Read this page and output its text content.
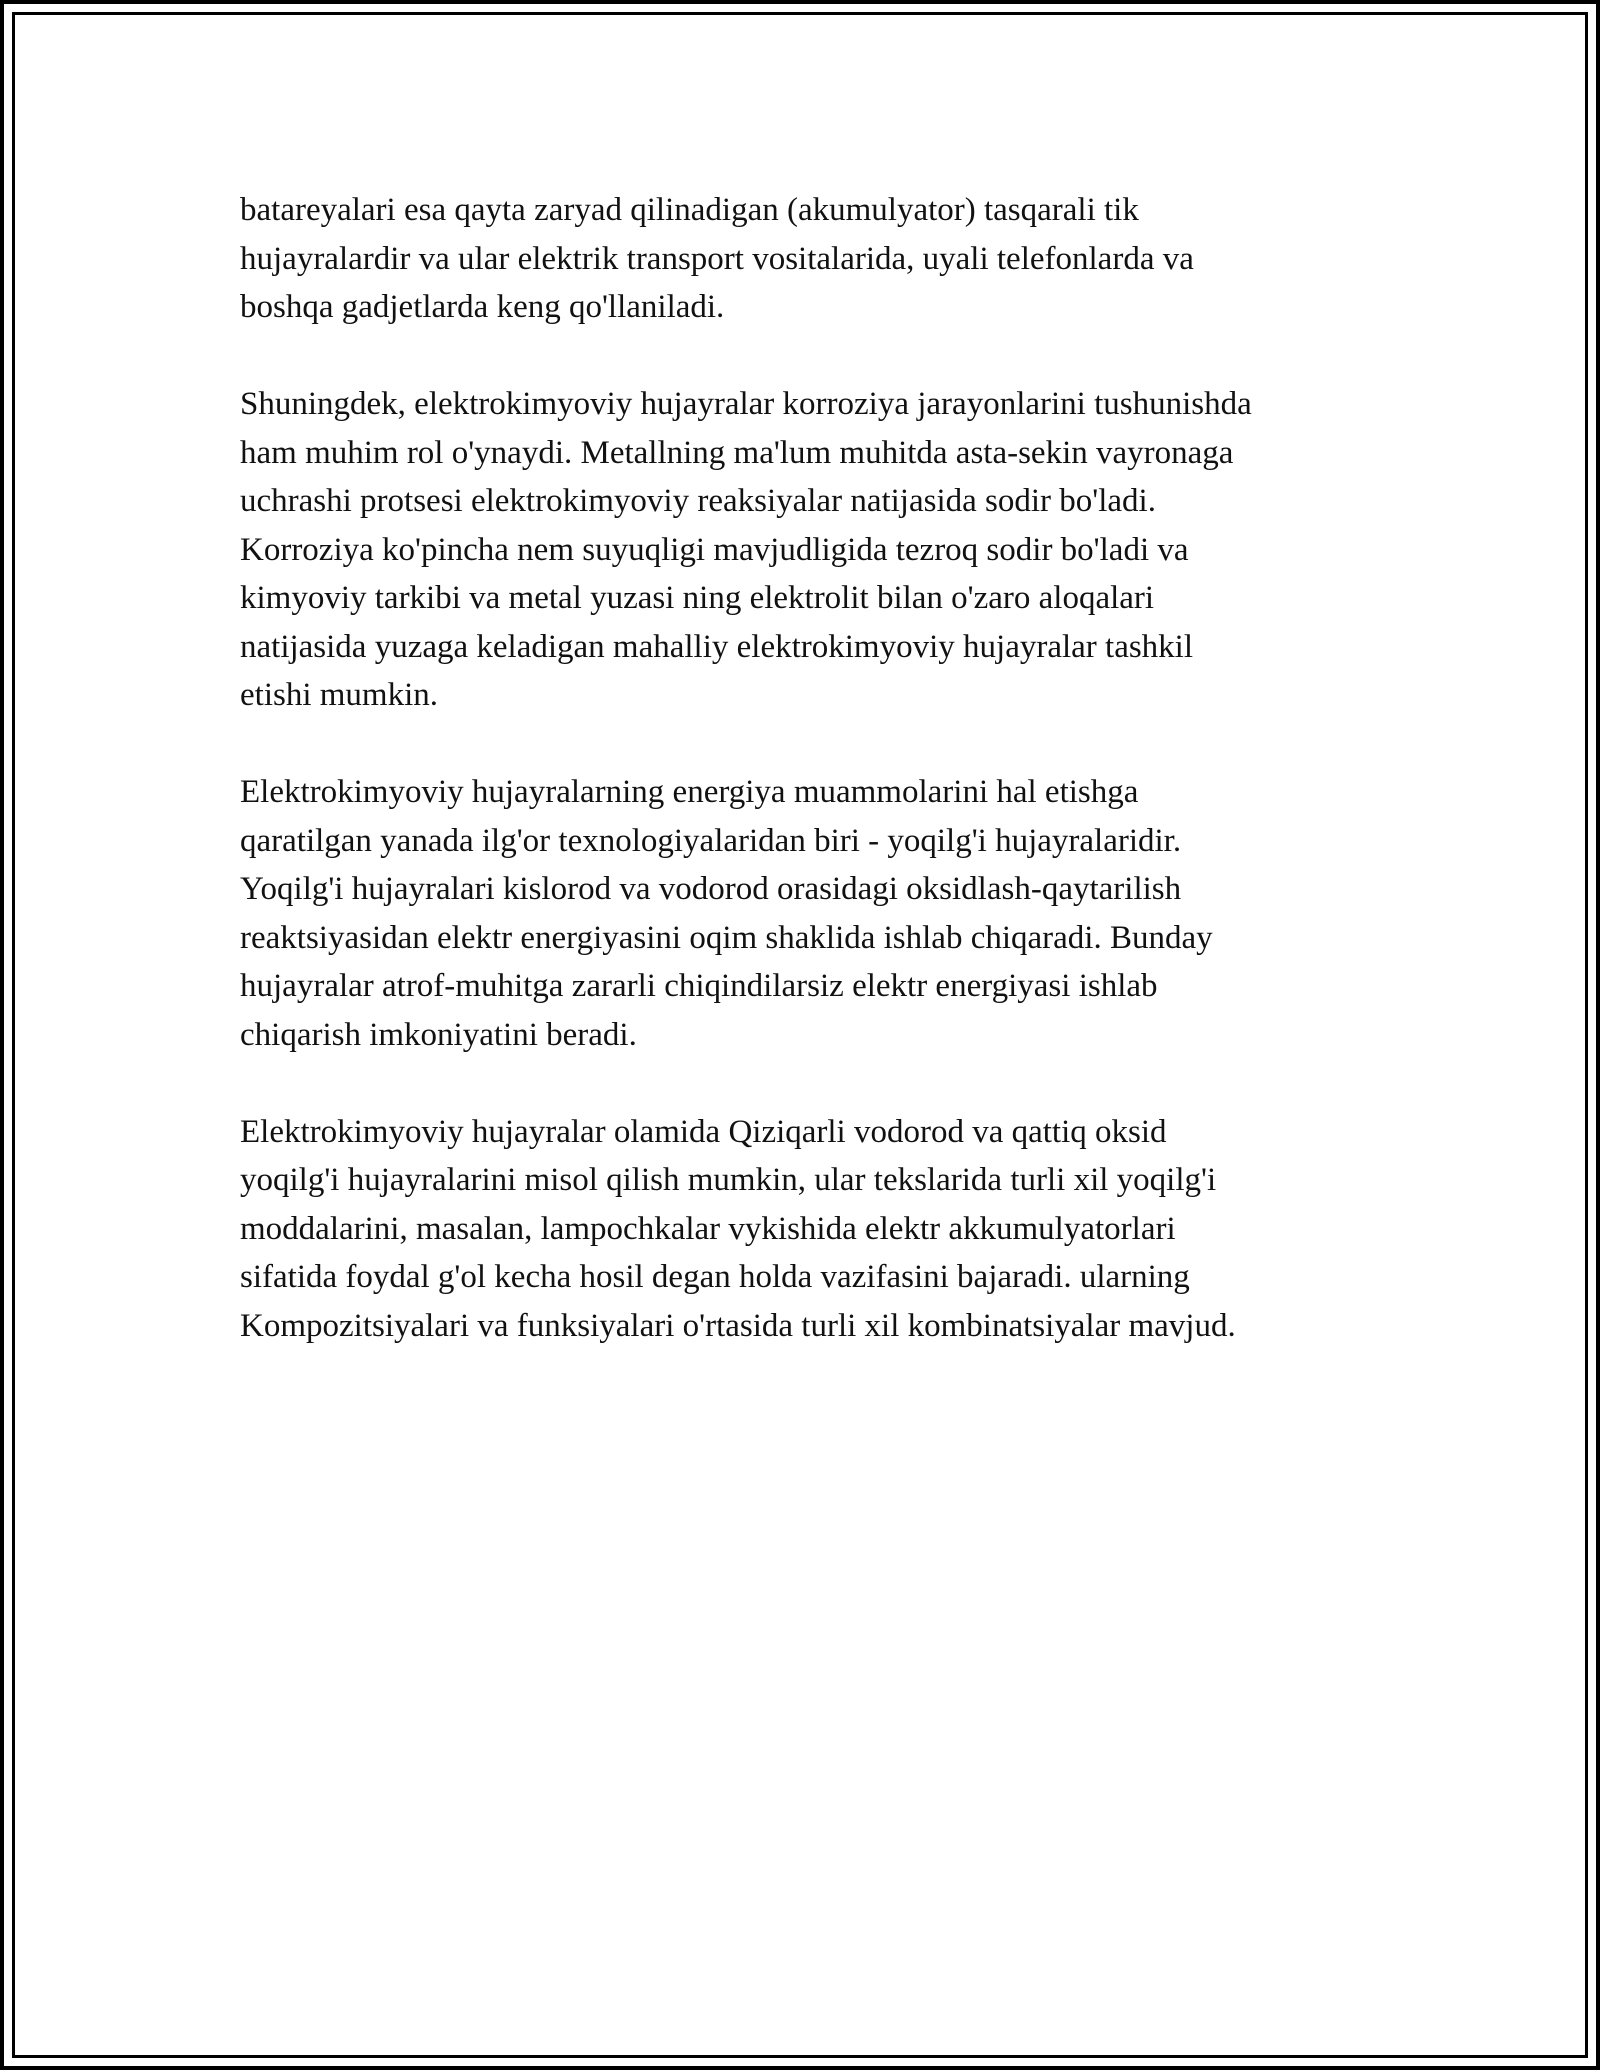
batareyalari esa qayta zaryad qilinadigan (akumulyator) tasqarali tik
hujayralardir va ular elektrik transport vositalarida, uyali telefonlarda va
boshqa gadjetlarda keng qo'llaniladi.

Shuningdek, elektrokimyoviy hujayralar korroziya jarayonlarini tushunishda
ham muhim rol o'ynaydi. Metallning ma'lum muhitda asta-sekin vayronaga
uchrashi protsesi elektrokimyoviy reaksiyalar natijasida sodir bo'ladi.
Korroziya ko'pincha nem suyuqligi mavjudligida tezroq sodir bo'ladi va
kimyoviy tarkibi va metal yuzasi ning elektrolit bilan o'zaro aloqalari
natijasida yuzaga keladigan mahalliy elektrokimyoviy hujayralar tashkil
etishi mumkin.

Elektrokimyoviy hujayralarning energiya muammolarini hal etishga
qaratilgan yanada ilg'or texnologiyalaridan biri - yoqilg'i hujayralaridir.
Yoqilg'i hujayralari kislorod va vodorod orasidagi oksidlash-qaytarilish
reaktsiyasidan elektr energiyasini oqim shaklida ishlab chiqaradi. Bunday
hujayralar atrof-muhitga zararli chiqindilarsiz elektr energiyasi ishlab
chiqarish imkoniyatini beradi.

Elektrokimyoviy hujayralar olamida Qiziqarli vodorod va qattiq oksid
yoqilg'i hujayralarini misol qilish mumkin, ular tekslarida turli xil yoqilg'i
moddalarini, masalan, lampochkalar vykishida elektr akkumulyatorlari
sifatida foydal g'ol kecha hosil degan holda vazifasini bajaradi. ularning
Kompozitsiyalari va funksiyalari o'rtasida turli xil kombinatsiyalar mavjud.
